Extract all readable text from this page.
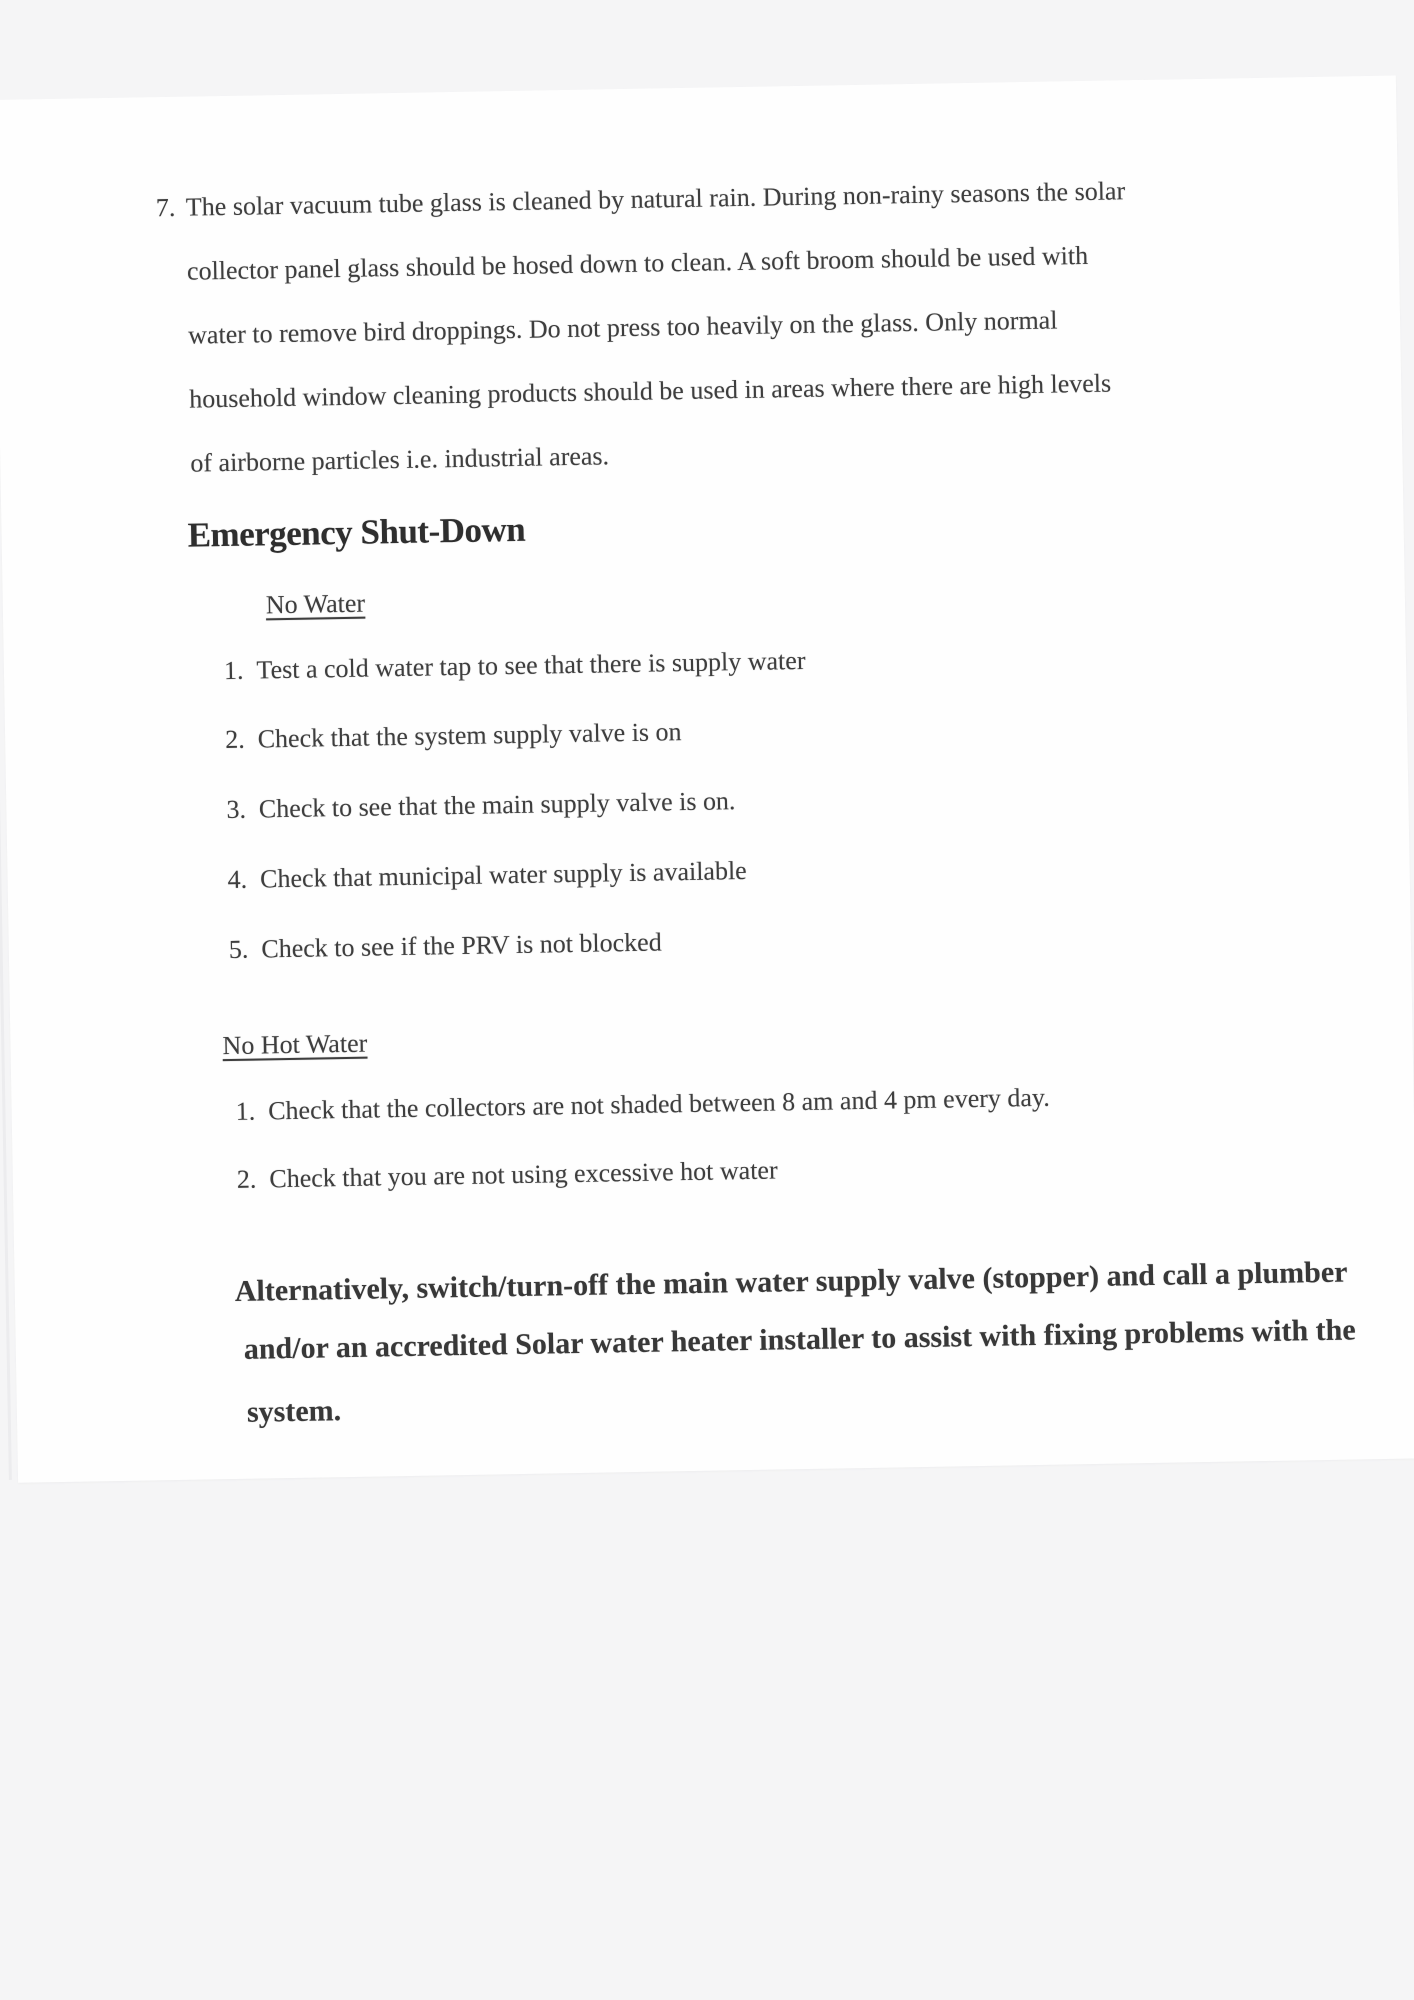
7. The solar vacuum tube glass is cleaned by natural rain. During non-rainy seasons the solar
collector panel glass should be hosed down to clean. A soft broom should be used with
water to remove bird droppings. Do not press too heavily on the glass. Only normal
household window cleaning products should be used in areas where there are high levels
of airborne particles i.e. industrial areas.
Emergency Shut-Down
No Water
1. Test a cold water tap to see that there is supply water
2. Check that the system supply valve is on
3. Check to see that the main supply valve is on.
4. Check that municipal water supply is available
5. Check to see if the PRV is not blocked
No Hot Water
1. Check that the collectors are not shaded between 8 am and 4 pm every day.
2. Check that you are not using excessive hot water
Alternatively, switch/turn-off the main water supply valve (stopper) and call a plumber
and/or an accredited Solar water heater installer to assist with fixing problems with the
system.
